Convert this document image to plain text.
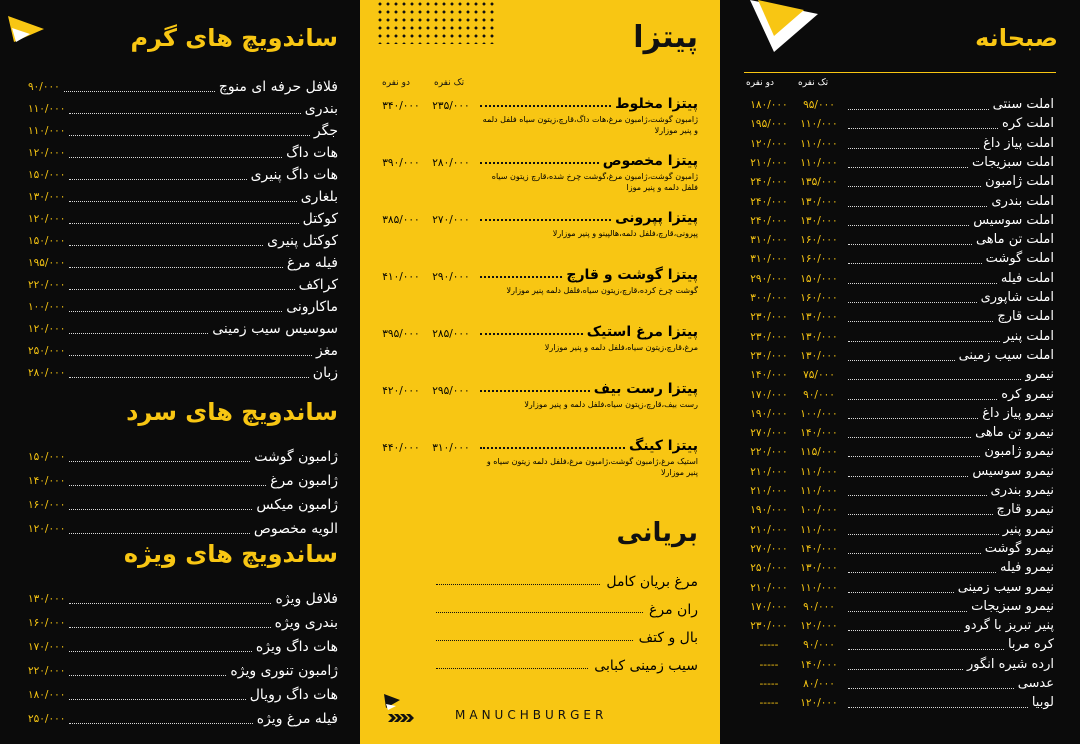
ساندویچ های گرم
فلافل حرفه ای منوچ
۹۰/۰۰۰
بندری
۱۱۰/۰۰۰
جگر
۱۱۰/۰۰۰
هات داگ
۱۲۰/۰۰۰
هات داگ پنیری
۱۵۰/۰۰۰
بلغاری
۱۳۰/۰۰۰
کوکتل
۱۲۰/۰۰۰
کوکتل پنیری
۱۵۰/۰۰۰
فیله مرغ
۱۹۵/۰۰۰
کراکف
۲۲۰/۰۰۰
ماکارونی
۱۰۰/۰۰۰
سوسیس سیب زمینی
۱۲۰/۰۰۰
مغز
۲۵۰/۰۰۰
زبان
۲۸۰/۰۰۰
ساندویچ های سرد
ژامبون گوشت
۱۵۰/۰۰۰
ژامبون مرغ
۱۴۰/۰۰۰
ژامبون میکس
۱۶۰/۰۰۰
الویه مخصوص
۱۲۰/۰۰۰
ساندویچ های ویژه
فلافل ویژه
۱۳۰/۰۰۰
بندری ویژه
۱۶۰/۰۰۰
هات داگ ویژه
۱۷۰/۰۰۰
ژامبون تنوری ویژه
۲۲۰/۰۰۰
هات داگ رویال
۱۸۰/۰۰۰
فیله مرغ ویژه
۲۵۰/۰۰۰
پیتزا
دو نفره	تک نفره
پیتزا مخلوط
۲۳۵/۰۰۰
۳۴۰/۰۰۰
ژامبون گوشت،ژامبون مرغ،هات داگ،قارچ،زیتون سیاه فلفل دلمه و پنیر موزارلا
پیتزا مخصوص
۲۸۰/۰۰۰
۳۹۰/۰۰۰
ژامبون گوشت،ژامبون مرغ،گوشت چرخ شده،قارچ زیتون سیاه فلفل دلمه و پنیر موزا
پیتزا پپرونی
۲۷۰/۰۰۰
۳۸۵/۰۰۰
پپرونی،قارچ،فلفل دلمه،هالپینو و پنیر موزارلا
پیتزا گوشت و قارچ
۲۹۰/۰۰۰
۴۱۰/۰۰۰
گوشت چرخ کرده،قارچ،زیتون سیاه،فلفل دلمه پنیر موزارلا
پیتزا مرغ استیک
۲۸۵/۰۰۰
۳۹۵/۰۰۰
مرغ،قارچ،زیتون سیاه،فلفل دلمه و پنیر موزارلا
پیتزا رست بیف
۲۹۵/۰۰۰
۴۲۰/۰۰۰
رست بیف،قارچ،زیتون سیاه،فلفل دلمه و پنیر موزارلا
پیتزا کینگ
۳۱۰/۰۰۰
۴۴۰/۰۰۰
استیک مرغ،ژامبون گوشت،ژامبون مرغ،فلفل دلمه زیتون سیاه و پنیر موزارلا
بریانی
مرغ بریان کامل
ران مرغ
بال و کتف
سیب زمینی کبابی
MANUCHBURGER
صبحانه
دو نفره	تک نفره
املت سنتی
۹۵/۰۰۰
۱۸۰/۰۰۰
املت کره
۱۱۰/۰۰۰
۱۹۵/۰۰۰
املت پیاز داغ
۱۱۰/۰۰۰
۱۲۰/۰۰۰
املت سبزیجات
۱۱۰/۰۰۰
۲۱۰/۰۰۰
املت ژامبون
۱۳۵/۰۰۰
۲۴۰/۰۰۰
املت بندری
۱۳۰/۰۰۰
۲۴۰/۰۰۰
املت سوسیس
۱۳۰/۰۰۰
۲۴۰/۰۰۰
املت تن ماهی
۱۶۰/۰۰۰
۳۱۰/۰۰۰
املت گوشت
۱۶۰/۰۰۰
۳۱۰/۰۰۰
املت فیله
۱۵۰/۰۰۰
۲۹۰/۰۰۰
املت شاپوری
۱۶۰/۰۰۰
۳۰۰/۰۰۰
املت قارچ
۱۳۰/۰۰۰
۲۳۰/۰۰۰
املت پنیر
۱۳۰/۰۰۰
۲۳۰/۰۰۰
املت سیب زمینی
۱۳۰/۰۰۰
۲۳۰/۰۰۰
نیمرو
۷۵/۰۰۰
۱۴۰/۰۰۰
نیمرو کره
۹۰/۰۰۰
۱۷۰/۰۰۰
نیمرو پیاز داغ
۱۰۰/۰۰۰
۱۹۰/۰۰۰
نیمرو تن ماهی
۱۴۰/۰۰۰
۲۷۰/۰۰۰
نیمرو ژامبون
۱۱۵/۰۰۰
۲۲۰/۰۰۰
نیمرو سوسیس
۱۱۰/۰۰۰
۲۱۰/۰۰۰
نیمرو بندری
۱۱۰/۰۰۰
۲۱۰/۰۰۰
نیمرو قارچ
۱۰۰/۰۰۰
۱۹۰/۰۰۰
نیمرو پنیر
۱۱۰/۰۰۰
۲۱۰/۰۰۰
نیمرو گوشت
۱۴۰/۰۰۰
۲۷۰/۰۰۰
نیمرو فیله
۱۳۰/۰۰۰
۲۵۰/۰۰۰
نیمرو سیب زمینی
۱۱۰/۰۰۰
۲۱۰/۰۰۰
نیمرو سبزیجات
۹۰/۰۰۰
۱۷۰/۰۰۰
پنیر تبریز با گردو
۱۲۰/۰۰۰
۲۳۰/۰۰۰
کره مربا
۹۰/۰۰۰
-----
ارده شیره انگور
۱۴۰/۰۰۰
-----
عدسی
۸۰/۰۰۰
-----
لوبیا
۱۲۰/۰۰۰
-----
